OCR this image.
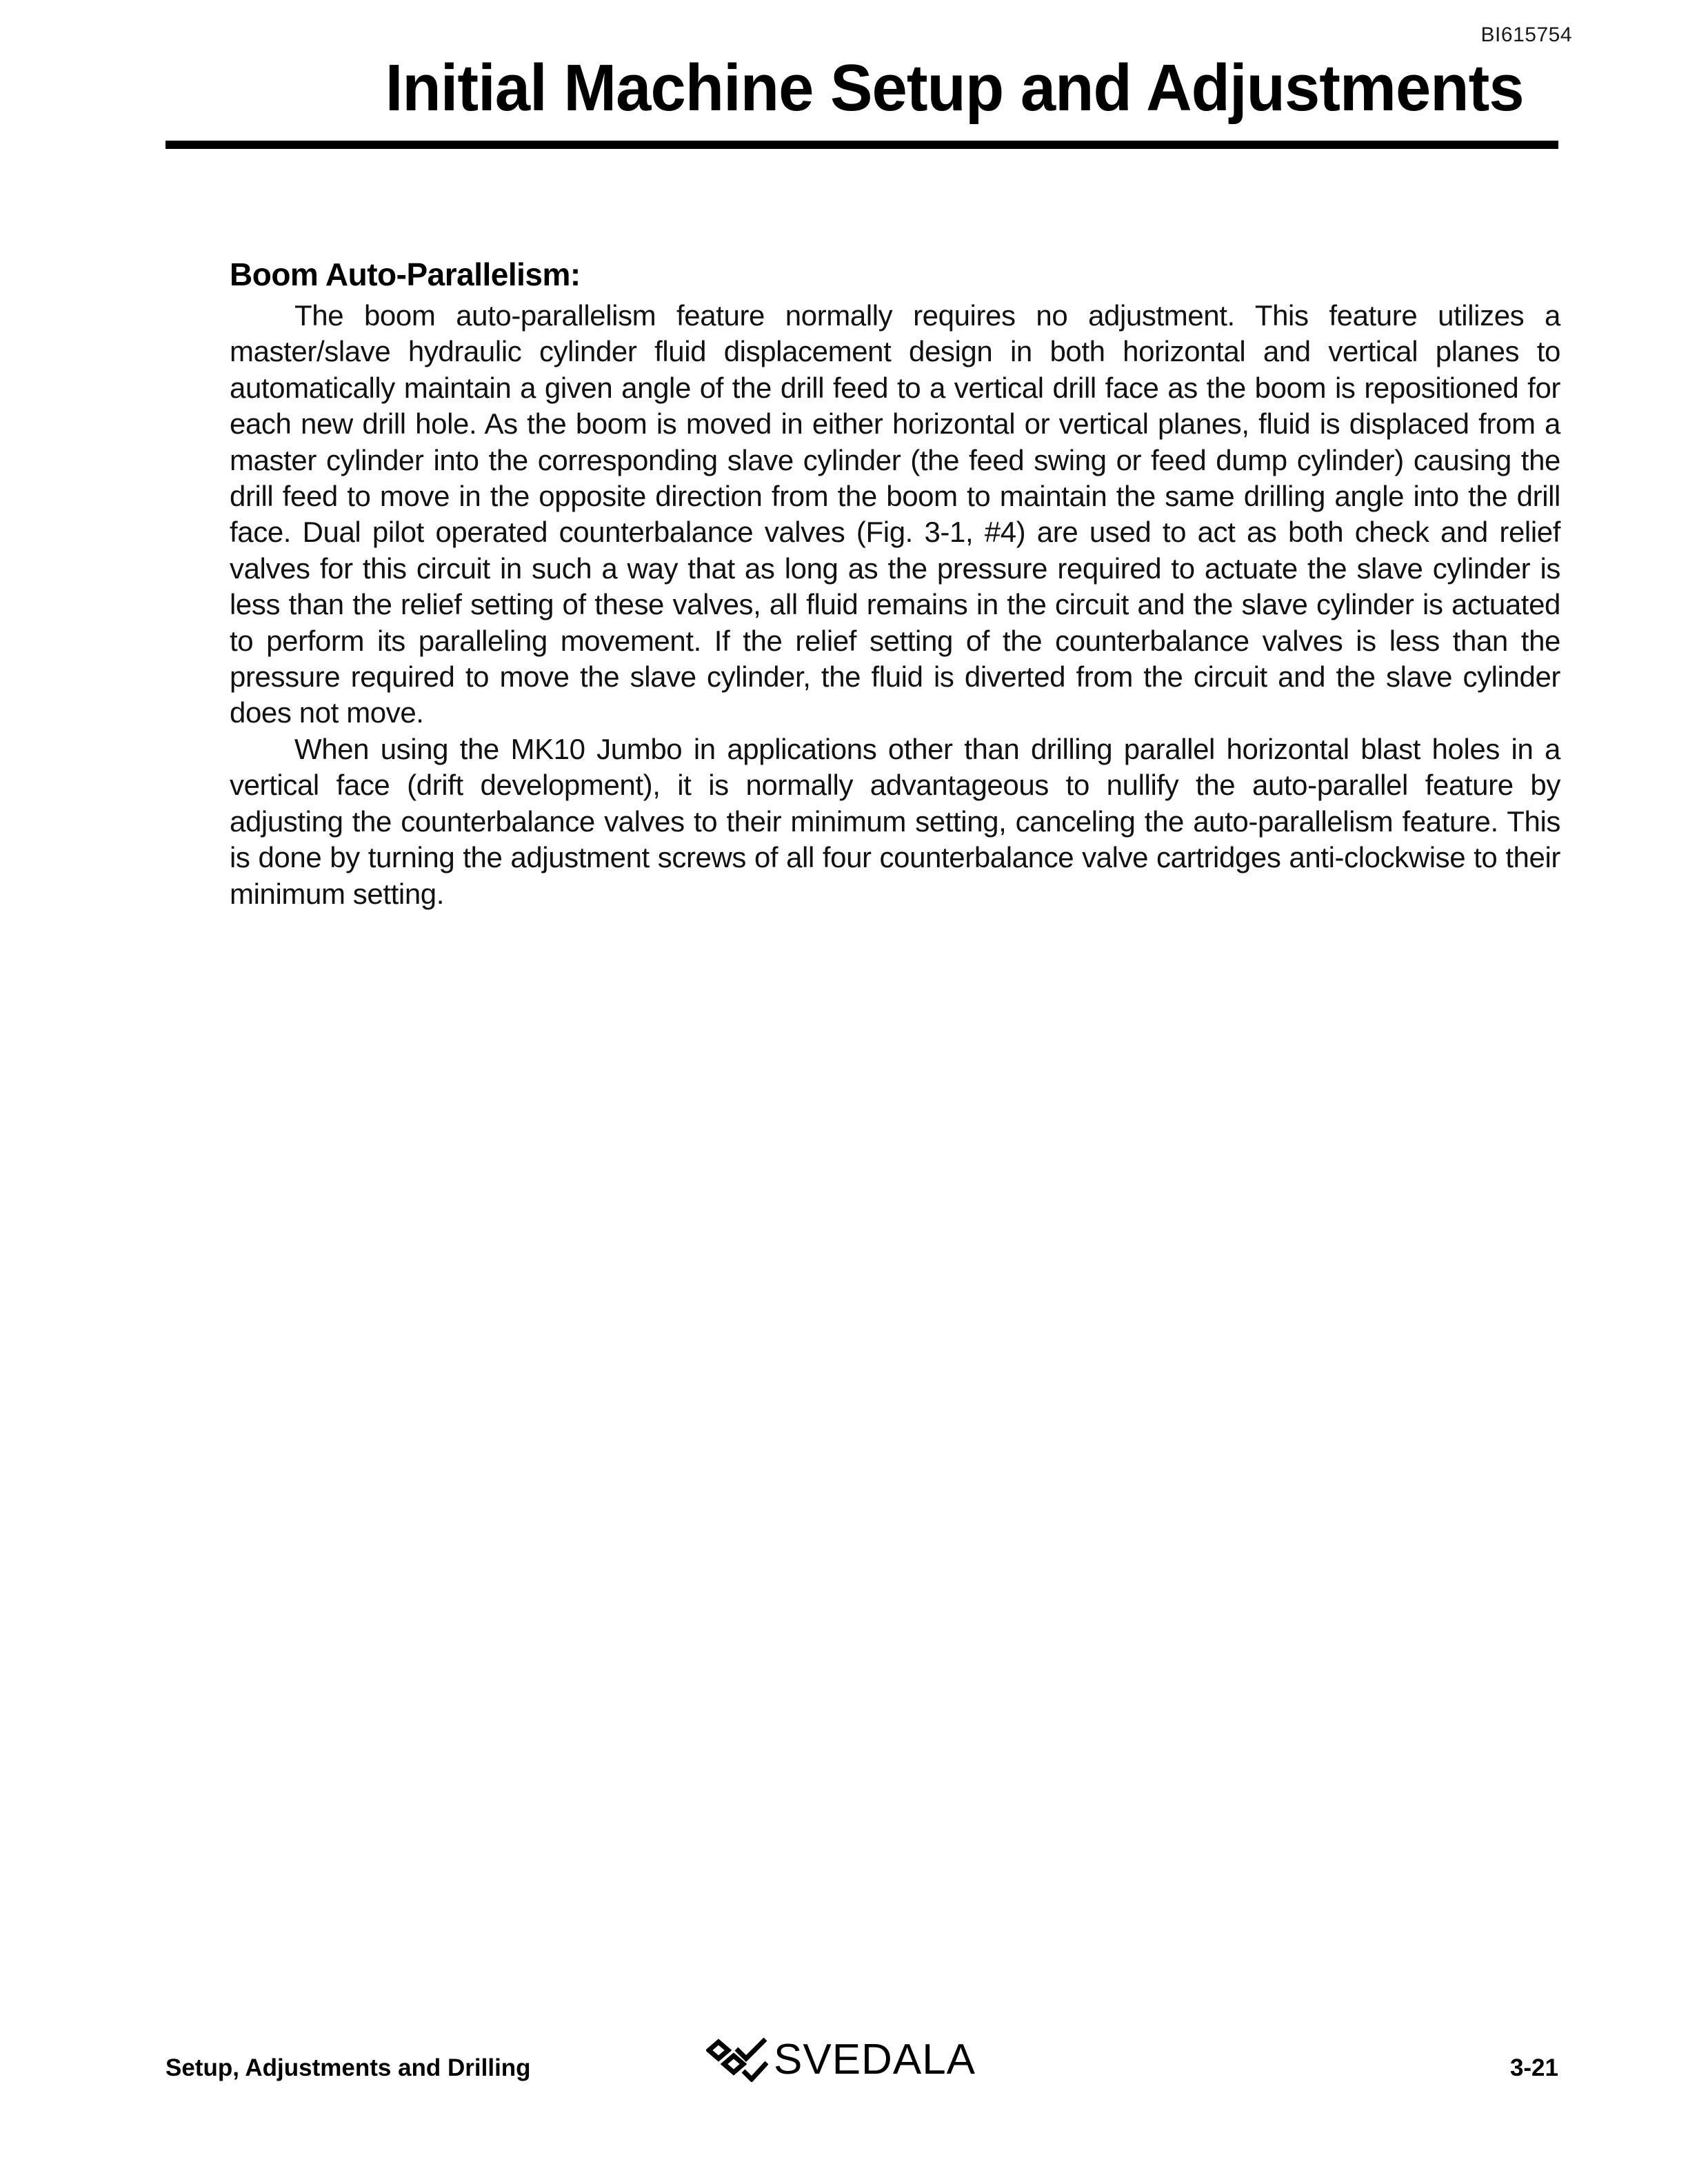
BI615754
Initial Machine Setup and Adjustments
Boom Auto-Parallelism:

The boom auto-parallelism feature normally requires no adjustment. This feature utilizes a master/slave hydraulic cylinder fluid displacement design in both horizontal and vertical planes to automatically maintain a given angle of the drill feed to a vertical drill face as the boom is repositioned for each new drill hole. As the boom is moved in either horizontal or vertical planes, fluid is displaced from a master cylinder into the corresponding slave cylinder (the feed swing or feed dump cylinder) causing the drill feed to move in the opposite direction from the boom to maintain the same drilling angle into the drill face. Dual pilot operated counterbalance valves (Fig. 3-1, #4) are used to act as both check and relief valves for this circuit in such a way that as long as the pressure required to actuate the slave cylinder is less than the relief setting of these valves, all fluid remains in the circuit and the slave cylinder is actuated to perform its paralleling movement. If the relief setting of the counterbalance valves is less than the pressure required to move the slave cylinder, the fluid is diverted from the circuit and the slave cylinder does not move.

When using the MK10 Jumbo in applications other than drilling parallel horizontal blast holes in a vertical face (drift development), it is normally advantageous to nullify the auto-parallel feature by adjusting the counterbalance valves to their minimum setting, canceling the auto-parallelism feature. This is done by turning the adjustment screws of all four counterbalance valve cartridges anti-clockwise to their minimum setting.

Setup, Adjustments and Drilling	SVEDALA	3-21
